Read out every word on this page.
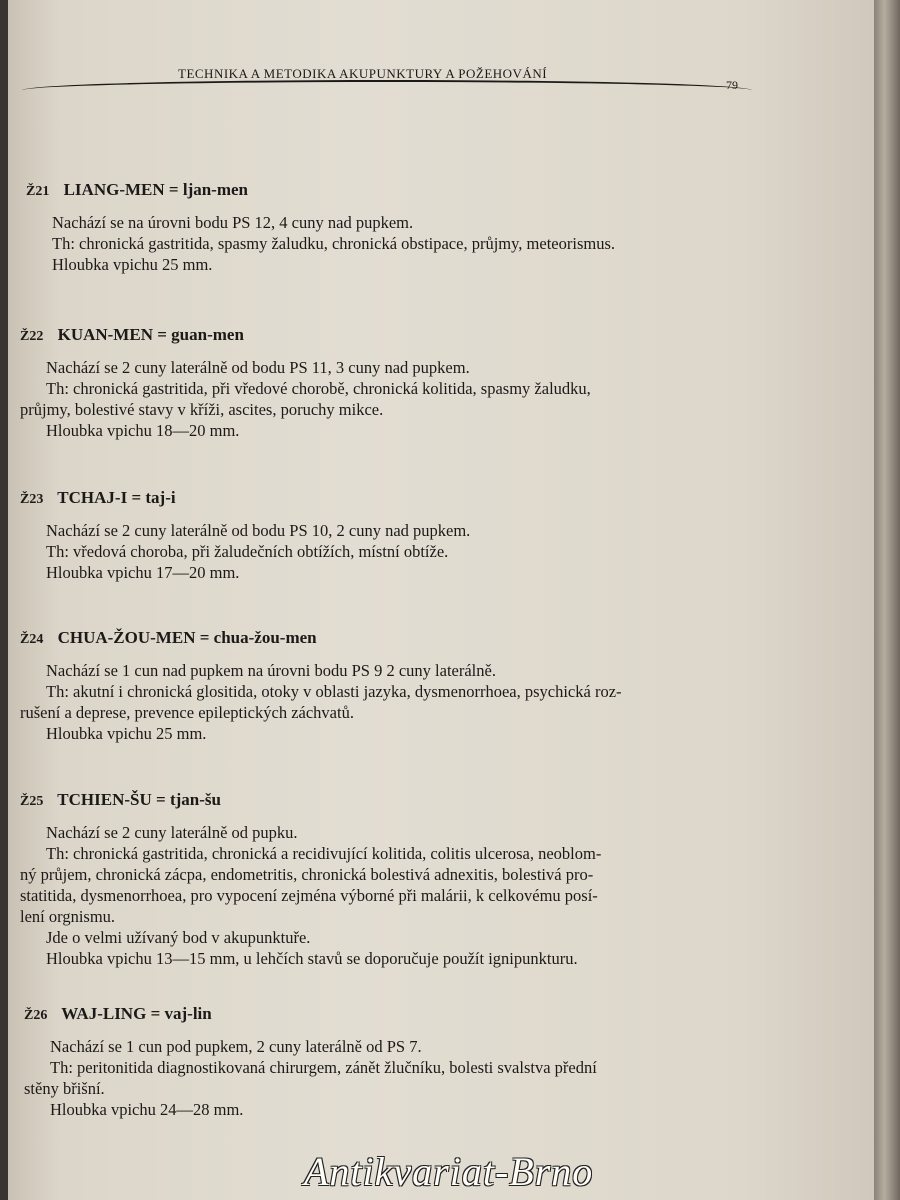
TECHNIKA A METODIKA AKUPUNKTURY A POŽEHOVÁNÍ
79
Ž21 LIANG-MEN = ljan-men
Nachází se na úrovni bodu PS 12, 4 cuny nad pupkem.
Th: chronická gastritida, spasmy žaludku, chronická obstipace, průjmy, meteorismus.
Hloubka vpichu 25 mm.
Ž22 KUAN-MEN = guan-men
Nachází se 2 cuny laterálně od bodu PS 11, 3 cuny nad pupkem.
Th: chronická gastritida, při vředové chorobě, chronická kolitida, spasmy žaludku,
průjmy, bolestivé stavy v kříži, ascites, poruchy mikce.
Hloubka vpichu 18—20 mm.
Ž23 TCHAJ-I = taj-i
Nachází se 2 cuny laterálně od bodu PS 10, 2 cuny nad pupkem.
Th: vředová choroba, při žaludečních obtížích, místní obtíže.
Hloubka vpichu 17—20 mm.
Ž24 CHUA-ŽOU-MEN = chua-žou-men
Nachází se 1 cun nad pupkem na úrovni bodu PS 9 2 cuny laterálně.
Th: akutní i chronická glositida, otoky v oblasti jazyka, dysmenorrhoea, psychická roz-
rušení a deprese, prevence epileptických záchvatů.
Hloubka vpichu 25 mm.
Ž25 TCHIEN-ŠU = tjan-šu
Nachází se 2 cuny laterálně od pupku.
Th: chronická gastritida, chronická a recidivující kolitida, colitis ulcerosa, neoblom-
ný průjem, chronická zácpa, endometritis, chronická bolestivá adnexitis, bolestivá pro-
statitida, dysmenorrhoea, pro vypocení zejména výborné při malárii, k celkovému posí-
lení orgnismu.
Jde o velmi užívaný bod v akupunktuře.
Hloubka vpichu 13—15 mm, u lehčích stavů se doporučuje použít ignipunkturu.
Ž26 WAJ-LING = vaj-lin
Nachází se 1 cun pod pupkem, 2 cuny laterálně od PS 7.
Th: peritonitida diagnostikovaná chirurgem, zánět žlučníku, bolesti svalstva přední
stěny břišní.
Hloubka vpichu 24—28 mm.
Antikvariat-Brno
